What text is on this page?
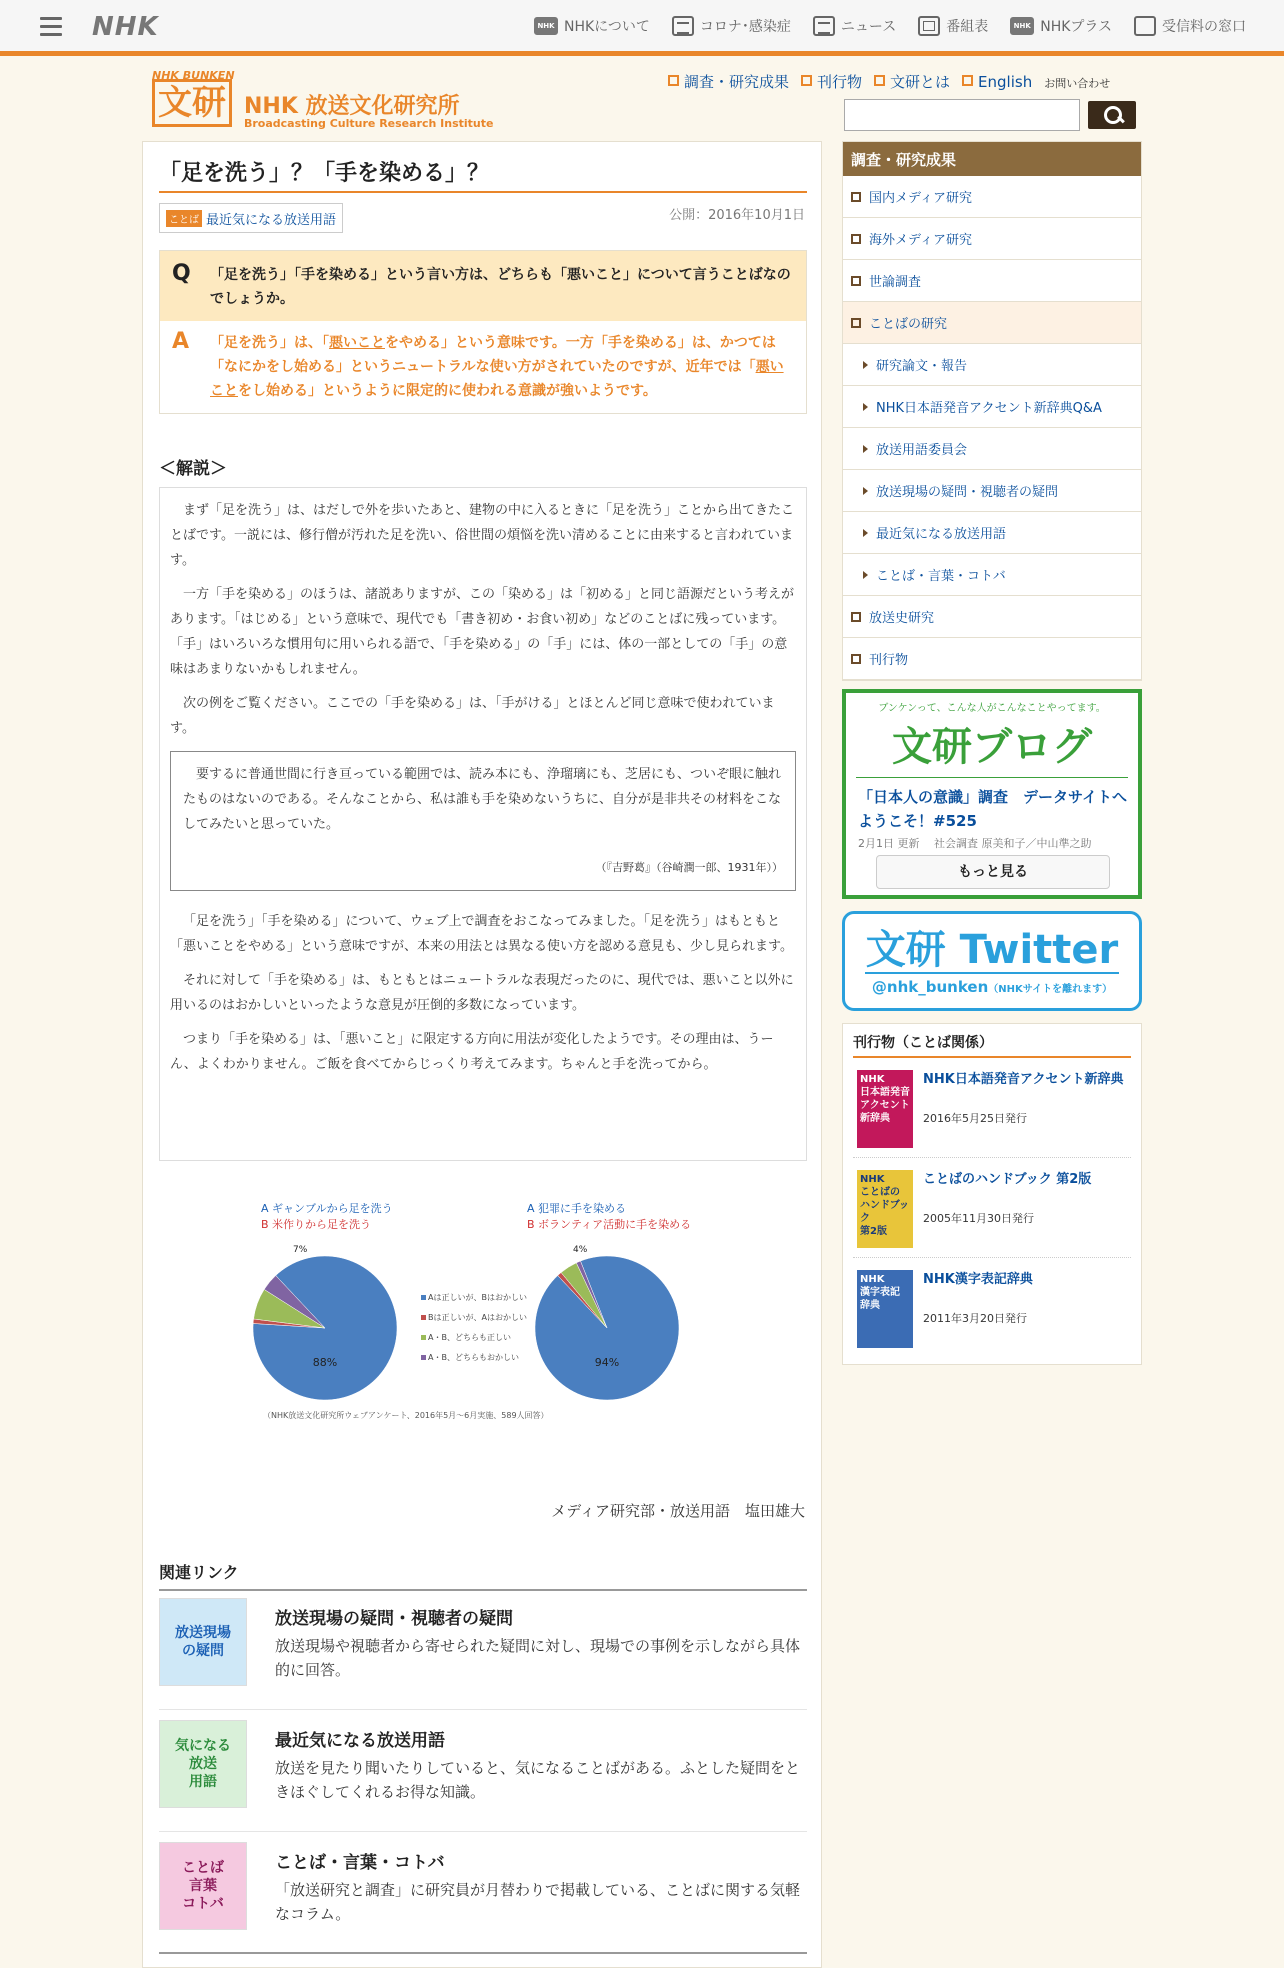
NHK	NHK NHKについて	コロナ･感染症	ニュース	番組表	NHK NHKプラス	受信料の窓口
NHK BUNKEN
文研 NHK 放送文化研究所
Broadcasting Culture Research Institute
調査・研究成果	刊行物	文研とは	English お問い合わせ
「足を洗う」？「手を染める」？
ことば 最近気になる放送用語	公開：2016年10月1日
Q 「足を洗う」「手を染める」という言い方は、どちらも「悪いこと」について言うことばなのでしょうか。
A 「足を洗う」は、「悪いことをやめる」という意味です。一方「手を染める」は、かつては「なにかをし始める」というニュートラルな使い方がされていたのですが、近年では「悪いことをし始める」というように限定的に使われる意識が強いようです。
＜解説＞

まず「足を洗う」は、はだしで外を歩いたあと、建物の中に入るときに「足を洗う」ことから出てきたことばです。一説には、修行僧が汚れた足を洗い、俗世間の煩悩を洗い清めることに由来すると言われています。

一方「手を染める」のほうは、諸説ありますが、この「染める」は「初める」と同じ語源だという考えがあります。「はじめる」という意味で、現代でも「書き初め・お食い初め」などのことばに残っています。「手」はいろいろな慣用句に用いられる語で、「手を染める」の「手」には、体の一部としての「手」の意味はあまりないかもしれません。

次の例をご覧ください。ここでの「手を染める」は、「手がける」とほとんど同じ意味で使われています。

要するに普通世間に行き亘っている範囲では、読み本にも、浄瑠璃にも、芝居にも、ついぞ眼に触れたものはないのである。そんなことから、私は誰も手を染めないうちに、自分が是非共その材料をこなしてみたいと思っていた。

（『吉野葛』（谷崎潤一郎、1931年））

「足を洗う」「手を染める」について、ウェブ上で調査をおこなってみました。「足を洗う」はもともと「悪いことをやめる」という意味ですが、本来の用法とは異なる使い方を認める意見も、少し見られます。

それに対して「手を染める」は、もともとはニュートラルな表現だったのに、現代では、悪いこと以外に用いるのはおかしいといったような意見が圧倒的多数になっています。

つまり「手を染める」は、「悪いこと」に限定する方向に用法が変化したようです。その理由は、うーん、よくわかりません。ご飯を食べてからじっくり考えてみます。ちゃんと手を洗ってから。

A ギャンブルから足を洗う
B 米作りから足を洗う
A 犯罪に手を染める
B ボランティア活動に手を染める
88%
7%
94%
4%
Aは正しいが、Bはおかしい
Bは正しいが、Aはおかしい
A・B、どちらも正しい
A・B、どちらもおかしい
（NHK放送文化研究所ウェブアンケート、2016年5月～6月実施、589人回答）
メディア研究部・放送用語　塩田雄大
関連リンク
放送現場
の疑問
放送現場の疑問・視聴者の疑問
放送現場や視聴者から寄せられた疑問に対し、現場での事例を示しながら具体的に回答。
気になる
放送
用語
最近気になる放送用語
放送を見たり聞いたりしていると、気になることばがある。ふとした疑問をときほぐしてくれるお得な知識。
ことば
言葉
コトバ
ことば・言葉・コトバ
「放送研究と調査」に研究員が月替わりで掲載している、ことばに関する気軽なコラム。
調査・研究成果
国内メディア研究
海外メディア研究
世論調査
ことばの研究
研究論文・報告
NHK日本語発音アクセント新辞典Q&A
放送用語委員会
放送現場の疑問・視聴者の疑問
最近気になる放送用語
ことば・言葉・コトバ
放送史研究
刊行物
ブンケンって、こんな人がこんなことやってます。
文研ブログ
「日本人の意識」調査　データサイトへようこそ！#525
2月1日 更新　 社会調査 原美和子／中山準之助
もっと見る
文研 Twitter
@nhk_bunken（NHKサイトを離れます）
刊行物（ことば関係）
NHK
日本語発音
アクセント
新辞典
NHK日本語発音アクセント新辞典
2016年5月25日発行
NHK
ことばの
ハンドブック
第2版
ことばのハンドブック 第2版
2005年11月30日発行
NHK
漢字表記
辞典
NHK漢字表記辞典
2011年3月20日発行
